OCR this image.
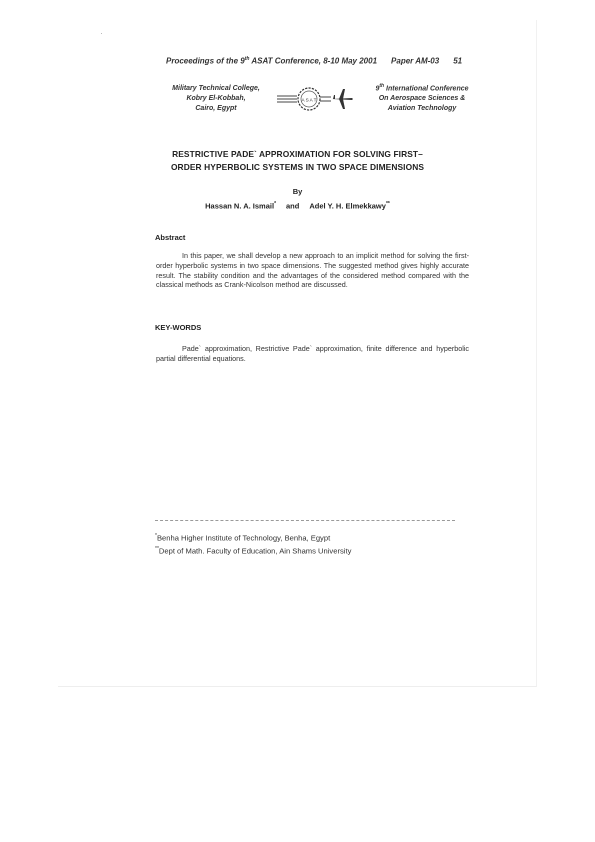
Proceedings of the 9th ASAT Conference, 8-10 May 2001 Paper AM-03 51
Military Technical College,
Kobry El-Kobbah,
Cairo, Egypt
A S A T
9th International Conference
On Aerospace Sciences &
Aviation Technology
RESTRICTIVE PADE` APPROXIMATION FOR SOLVING FIRST–
ORDER HYPERBOLIC SYSTEMS IN TWO SPACE DIMENSIONS
By
Hassan N. A. Ismail* and Adel Y. H. Elmekkawy**
Abstract
In this paper, we shall develop a new approach to an implicit method for solving the first-order hyperbolic systems in two space dimensions. The suggested method gives highly accurate result. The stability condition and the advantages of the considered method compared with the classical methods as Crank-Nicolson method are discussed.
KEY-WORDS
Pade` approximation, Restrictive Pade` approximation, finite difference and hyperbolic partial differential equations.
*Benha Higher Institute of Technology, Benha, Egypt
**Dept of Math. Faculty of Education, Ain Shams University
